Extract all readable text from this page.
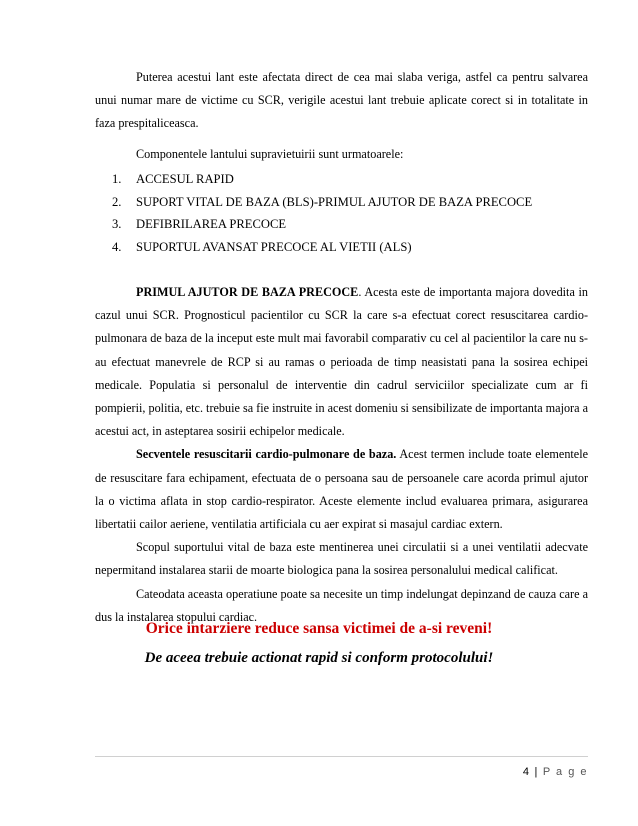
Puterea acestui lant este afectata direct de cea mai slaba veriga, astfel ca pentru salvarea unui numar mare de victime cu SCR, verigile acestui lant trebuie aplicate corect si in totalitate in faza prespitaliceasca.

Componentele lantului supravietuirii sunt urmatoarele:

1. ACCESUL RAPID
2. SUPORT VITAL DE BAZA (BLS)-PRIMUL AJUTOR DE BAZA PRECOCE
3. DEFIBRILAREA PRECOCE
4. SUPORTUL AVANSAT PRECOCE AL VIETII (ALS)

PRIMUL AJUTOR DE BAZA PRECOCE. Acesta este de importanta majora dovedita in cazul unui SCR. Prognosticul pacientilor cu SCR la care s-a efectuat corect resuscitarea cardio-pulmonara de baza de la inceput este mult mai favorabil comparativ cu cel al pacientilor la care nu s-au efectuat manevrele de RCP si au ramas o perioada de timp neasistati pana la sosirea echipei medicale. Populatia si personalul de interventie din cadrul serviciilor specializate cum ar fi pompierii, politia, etc. trebuie sa fie instruite in acest domeniu si sensibilizate de importanta majora a acestui act, in asteptarea sosirii echipelor medicale.

Secventele resuscitarii cardio-pulmonare de baza. Acest termen include toate elementele de resuscitare fara echipament, efectuata de o persoana sau de persoanele care acorda primul ajutor la o victima aflata in stop cardio-respirator. Aceste elemente includ evaluarea primara, asigurarea libertatii cailor aeriene, ventilatia artificiala cu aer expirat si masajul cardiac extern.

Scopul suportului vital de baza este mentinerea unei circulatii si a unei ventilatii adecvate nepermitand instalarea starii de moarte biologica pana la sosirea personalului medical calificat.

Cateodata aceasta operatiune poate sa necesite un timp indelungat depinzand de cauza care a dus la instalarea stopului cardiac.

Orice intarziere reduce sansa victimei de a-si reveni!
De aceea trebuie actionat rapid si conform protocolului!
4 | P a g e
